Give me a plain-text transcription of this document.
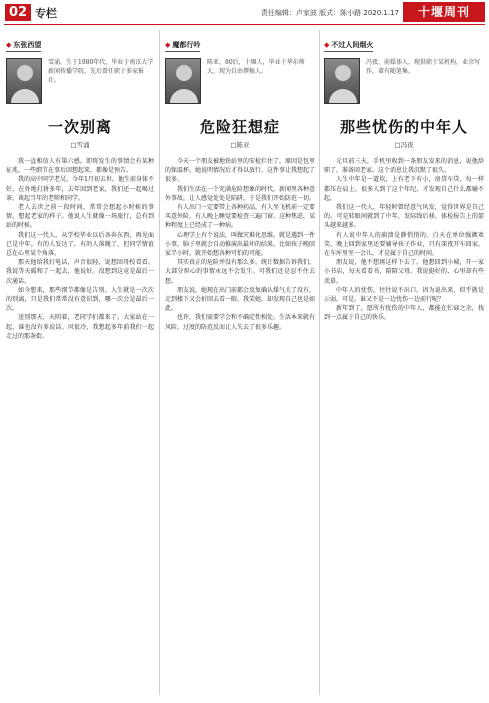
02 专栏	责任编辑：卢家波 版式：陈小路 2020.1.17	十堰周刊
◆ 东张西望
雪涌，生于1980年代，毕业于南京大学新闻传播学院，先后曾任职于多家报社。
一次别离
□雪涌

我一直相信人有第六感。即将发生的事情会有某种征兆，一些细节在事后回想起来，都像是预告。

我的高中同学老吴，今年1月初去世。他生前身体不好，在外地打拼多年，去年回到老家，我们还一起喝过茶，谈起当年的老师和同学。

老人去世之前一段时间，常常会想起小时候的事情，想起老家的样子。他说人生就像一场旅行，总有到站的时候。

我们这一代人，从学校毕业以后各奔东西，再见面已是中年。有的人发达了，有的人落魄了，但同学情谊总在心里某个角落。

那天他给我打电话，声音很轻，说想回母校看看。我说等天暖和了一起去，他说好。没想到这竟是最后一次通话。

如今想来，那些细节都像是告别。人生就是一次次的别离，只是我们常常没有意识到，哪一次会是最后一次。

送别那天，天阴着，老同学们都来了。大家站在一起，谁也没有多说话。风很冷，我想起多年前我们一起走过的那条街。

◆ 魔都行吟
陈亚，80后，十堰人，毕业于华东师大，现为自由撰稿人。
危险狂想症
□陈亚

今天一个朋友被地铁站里的安检拦住了，原因是包里的保温杯。她说明情况后才得以放行。这件事让我想起了很多。

我们生活在一个充满危险想象的时代。新闻里各种意外事故，让人感觉处处是陷阱，于是我们开始防范一切。

有人出门一定要带上各种药品，有人坐飞机前一定要买意外险，有人晚上睡觉要检查三遍门窗。这种焦虑，某种程度上已经成了一种病。

心理学上有个说法，叫做灾难化思维。就是遇到一件小事，脑子里就会自动推演出最坏的结果。比如孩子晚回家半小时，就开始想各种可怕的可能。

其实真正的危险并没有那么多。统计数据告诉我们，大部分担心的事情永远不会发生。可我们还是忍不住去想。

朋友说，她现在出门前都会反复确认煤气关了没有，走到楼下又会折回去看一眼。我笑她，却发现自己也是如此。

也许，我们需要学会和不确定性相处。生活本来就有风险，过度的防范反而让人失去了很多乐趣。

◆ 不过人间烟火
冯夜，前媒体人，现供职于某机构，业余写作，著有随笔集。
那些忧伤的中年人
□冯夜

元旦前三天，手机里收到一条朋友发来的消息，说他辞职了，准备回老家。这个消息让我沉默了很久。

人生中年是一道坎，上有老下有小，房贷车贷，每一样都压在肩上。很多人到了这个年纪，才发现自己什么都输不起。

我们这一代人，年轻时曾经意气风发，觉得世界是自己的。可是转眼间就到了中年，发际线后移，体检报告上的箭头越来越多。

有人说中年人的崩溃是静悄悄的。白天在单位强颜欢笑，晚上回到家里还要辅导孩子作业，只有深夜开车回家，在车库里坐一会儿，才是属于自己的时间。

朋友说，他不想再这样下去了。他想回到小城，开一家小书店，每天看看书，陪陪父母。我说挺好的，心里却有些羡慕。

中年人的忧伤，往往说不出口。因为说出来，似乎就是示弱。可是，谁又不是一边忧伤一边前行呢？

新年到了，愿所有忧伤的中年人，都能在忙碌之余，找到一点属于自己的快乐。
